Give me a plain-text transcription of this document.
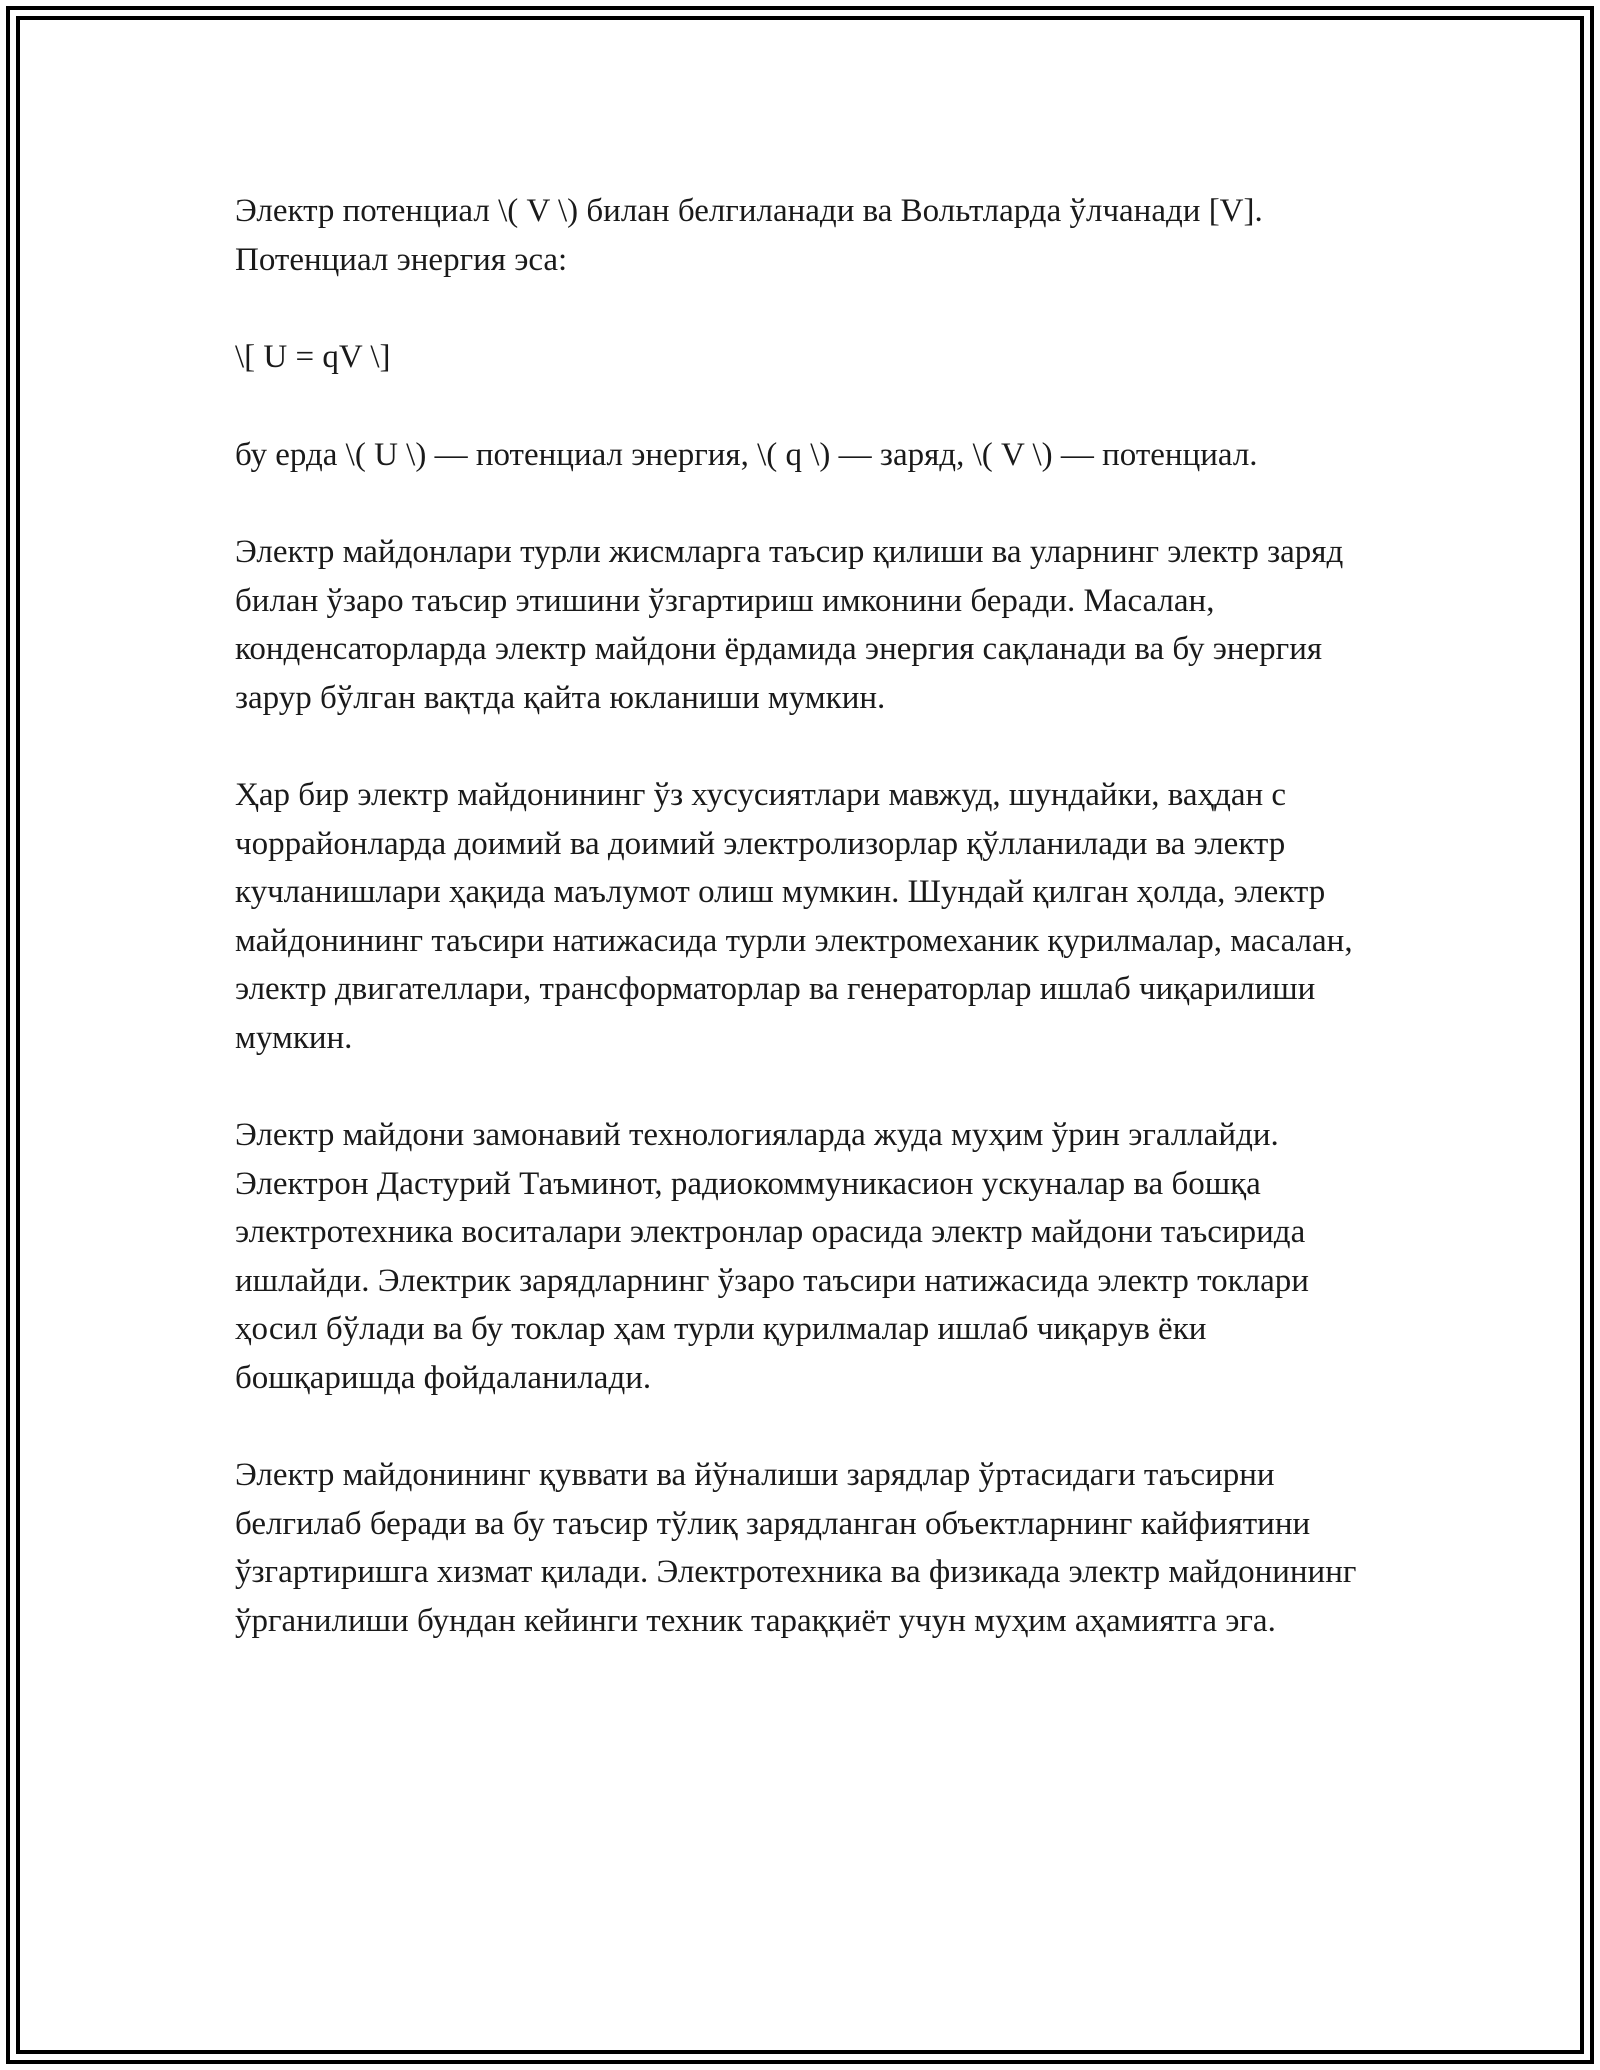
Электр потенциал \( V \) билан белгиланади ва Вольтларда ўлчанади [V]. Потенциал энергия эса:

\[ U = qV \]

бу ерда \( U \) — потенциал энергия, \( q \) — заряд, \( V \) — потенциал.

Электр майдонлари турли жисмларга таъсир қилиши ва уларнинг электр заряд билан ўзаро таъсир этишини ўзгартириш имконини беради. Масалан, конденсаторларда электр майдони ёрдамида энергия сақланади ва бу энергия зарур бўлган вақтда қайта юкланиши мумкин.

Ҳар бир электр майдонининг ўз хусусиятлари мавжуд, шундайки, ваҳдан с чоррайонларда доимий ва доимий электролизорлар қўлланилади ва электр кучланишлари ҳақида маълумот олиш мумкин. Шундай қилган ҳолда, электр майдонининг таъсири натижасида турли электромеханик қурилмалар, масалан, электр двигателлари, трансформаторлар ва генераторлар ишлаб чиқарилиши мумкин.

Электр майдони замонавий технологияларда жуда муҳим ўрин эгаллайди. Электрон Дастурий Таъминот, радиокоммуникасион ускуналар ва бошқа электротехника воситалари электронлар орасида электр майдони таъсирида ишлайди. Электрик зарядларнинг ўзаро таъсири натижасида электр токлари ҳосил бўлади ва бу токлар ҳам турли қурилмалар ишлаб чиқарув ёки бошқаришда фойдаланилади.

Электр майдонининг қуввати ва йўналиши зарядлар ўртасидаги таъсирни белгилаб беради ва бу таъсир тўлиқ зарядланган объектларнинг кайфиятини ўзгартиришга хизмат қилади. Электротехника ва физикада электр майдонининг ўрганилиши бундан кейинги техник тараққиёт учун муҳим аҳамиятга эга.
